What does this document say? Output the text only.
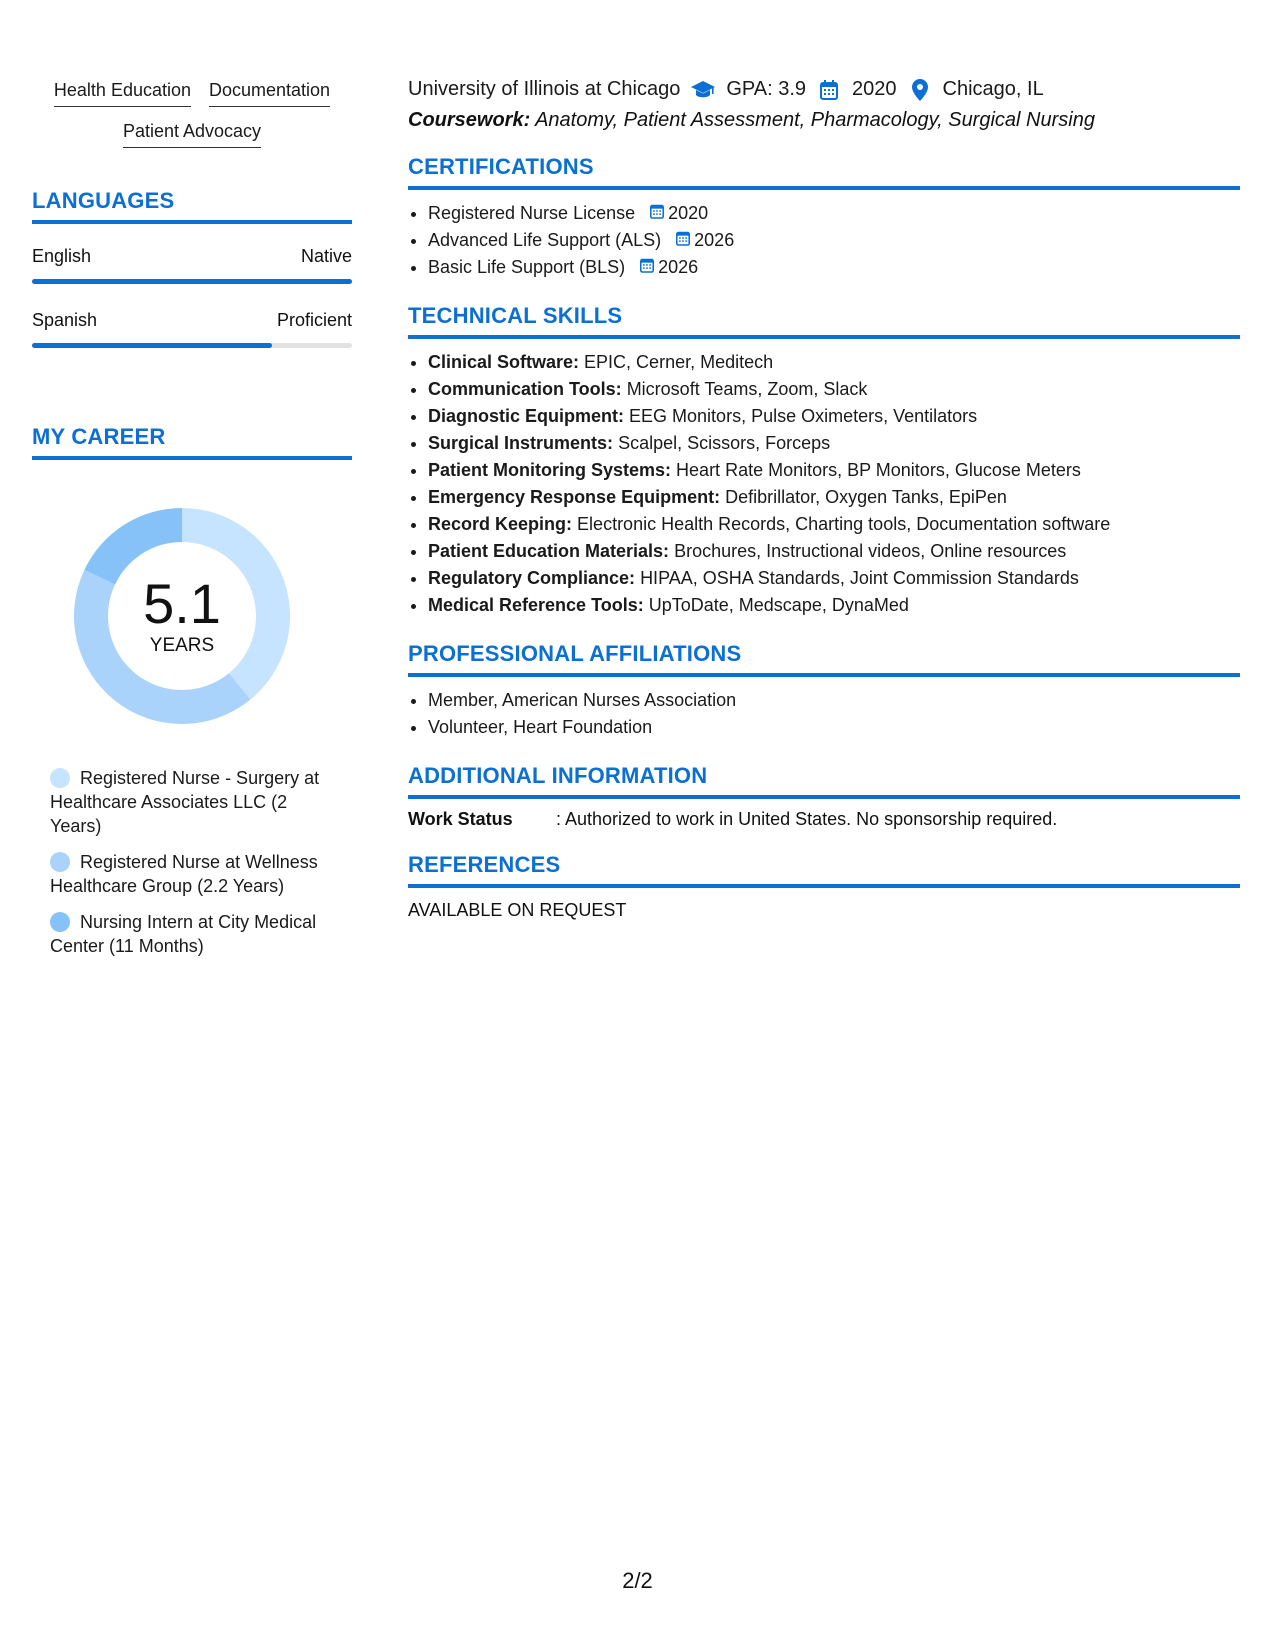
Health Education Documentation
Patient Advocacy
LANGUAGES
English	Native
Spanish	Proficient
MY CAREER
5.1
YEARS
Registered Nurse - Surgery at Healthcare Associates LLC (2 Years)
Registered Nurse at Wellness Healthcare Group (2.2 Years)
Nursing Intern at City Medical Center (11 Months)
University of Illinois at Chicago GPA: 3.9 2020 Chicago, IL
Coursework: Anatomy, Patient Assessment, Pharmacology, Surgical Nursing
CERTIFICATIONS
• Registered Nurse License 2020
• Advanced Life Support (ALS) 2026
• Basic Life Support (BLS) 2026
TECHNICAL SKILLS
• Clinical Software: EPIC, Cerner, Meditech
• Communication Tools: Microsoft Teams, Zoom, Slack
• Diagnostic Equipment: EEG Monitors, Pulse Oximeters, Ventilators
• Surgical Instruments: Scalpel, Scissors, Forceps
• Patient Monitoring Systems: Heart Rate Monitors, BP Monitors, Glucose Meters
• Emergency Response Equipment: Defibrillator, Oxygen Tanks, EpiPen
• Record Keeping: Electronic Health Records, Charting tools, Documentation software
• Patient Education Materials: Brochures, Instructional videos, Online resources
• Regulatory Compliance: HIPAA, OSHA Standards, Joint Commission Standards
• Medical Reference Tools: UpToDate, Medscape, DynaMed
PROFESSIONAL AFFILIATIONS
• Member, American Nurses Association
• Volunteer, Heart Foundation
ADDITIONAL INFORMATION
Work Status	: Authorized to work in United States. No sponsorship required.
REFERENCES
AVAILABLE ON REQUEST
2/2
